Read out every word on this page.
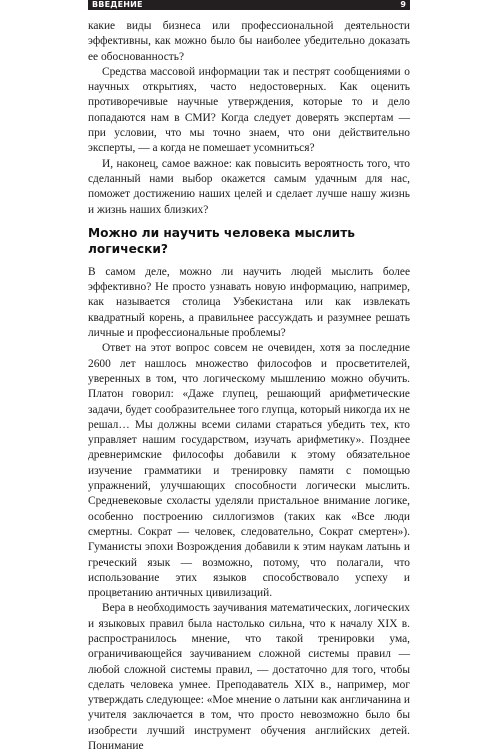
ВВЕДЕНИЕ	9

какие виды бизнеса или профессиональной деятельности эффективны, как можно было бы наиболее убедительно доказать ее обоснованность?

Средства массовой информации так и пестрят сообщениями о научных открытиях, часто недостоверных. Как оценить противоречивые научные утверждения, которые то и дело попадаются нам в СМИ? Когда следует доверять экспертам — при условии, что мы точно знаем, что они действительно эксперты, — а когда не помешает усомниться?

И, наконец, самое важное: как повысить вероятность того, что сделанный нами выбор окажется самым удачным для нас, поможет достижению наших целей и сделает лучше нашу жизнь и жизнь наших близких?

Можно ли научить человека мыслить логически?

В самом деле, можно ли научить людей мыслить более эффективно? Не просто узнавать новую информацию, например, как называется столица Узбекистана или как извлекать квадратный корень, а правильнее рассуждать и разумнее решать личные и профессиональные проблемы?

Ответ на этот вопрос совсем не очевиден, хотя за последние 2600 лет нашлось множество философов и просветителей, уверенных в том, что логическому мышлению можно обучить. Платон говорил: «Даже глупец, решающий арифметические задачи, будет сообразительнее того глупца, который никогда их не решал… Мы должны всеми силами стараться убедить тех, кто управляет нашим государством, изучать арифметику». Позднее древнеримские философы добавили к этому обязательное изучение грамматики и тренировку памяти с помощью упражнений, улучшающих способности логически мыслить. Средневековые схоласты уделяли пристальное внимание логике, особенно построению силлогизмов (таких как «Все люди смертны. Сократ — человек, следовательно, Сократ смертен»). Гуманисты эпохи Возрождения добавили к этим наукам латынь и греческий язык — возможно, потому, что полагали, что использование этих языков способствовало успеху и процветанию античных цивилизаций.

Вера в необходимость заучивания математических, логических и языковых правил была настолько сильна, что к началу XIX в. распространилось мнение, что такой тренировки ума, ограничивающейся заучиванием сложной системы правил — любой сложной системы правил, — достаточно для того, чтобы сделать человека умнее. Преподаватель XIX в., например, мог утверждать следующее: «Мое мнение о латыни как англичанина и учителя заключается в том, что просто невозможно было бы изобрести лучший инструмент обучения английских детей. Понимание
